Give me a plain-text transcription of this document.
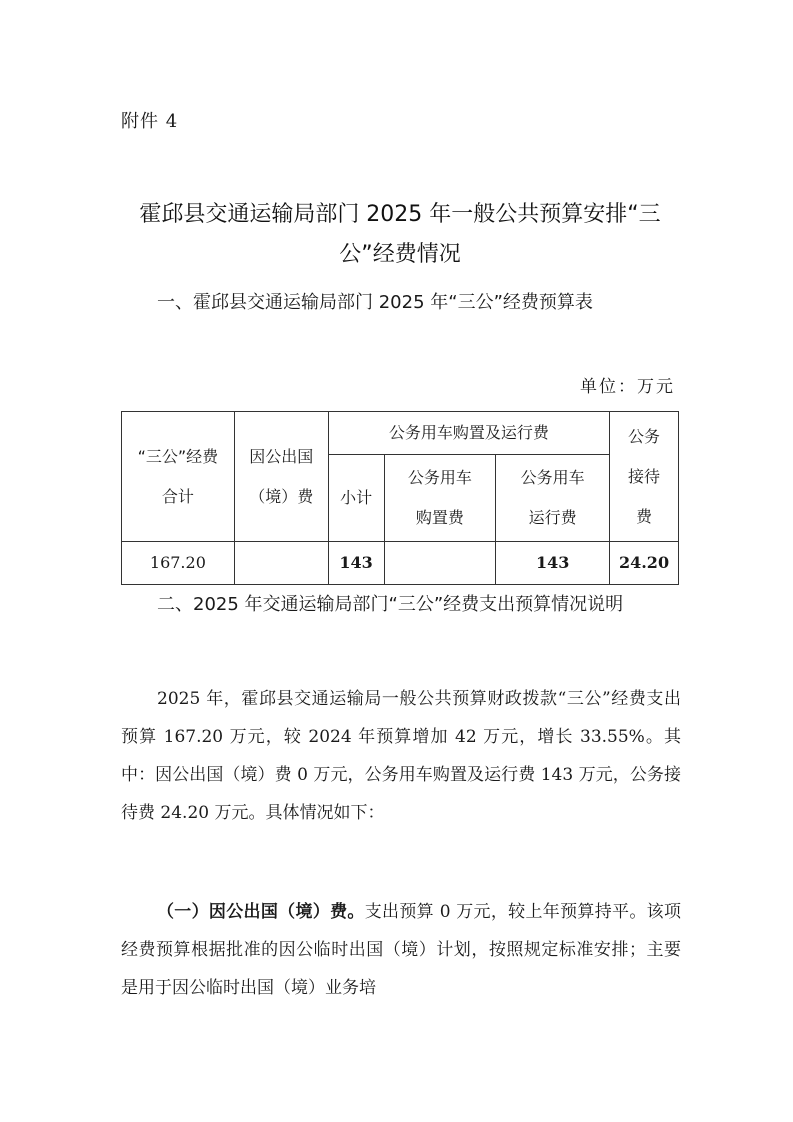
附件 4
霍邱县交通运输局部门 2025 年一般公共预算安排“三
公”经费情况
一、霍邱县交通运输局部门 2025 年“三公”经费预算表
单位：万元
“三公”经费合计	因公出国（境）费	公务用车购置及运行费			公务接待费
		小计	公务用车购置费	公务用车运行费	
167.20		143		143	24.20
二、2025 年交通运输局部门“三公”经费支出预算情况说明
2025 年，霍邱县交通运输局一般公共预算财政拨款“三公”经费支出预算 167.20 万元，较 2024 年预算增加 42 万元，增长 33.55%。其中：因公出国（境）费 0 万元，公务用车购置及运行费 143 万元，公务接待费 24.20 万元。具体情况如下：
（一）因公出国（境）费。支出预算 0 万元，较上年预算持平。该项经费预算根据批准的因公临时出国（境）计划，按照规定标准安排；主要是用于因公临时出国（境）业务培
